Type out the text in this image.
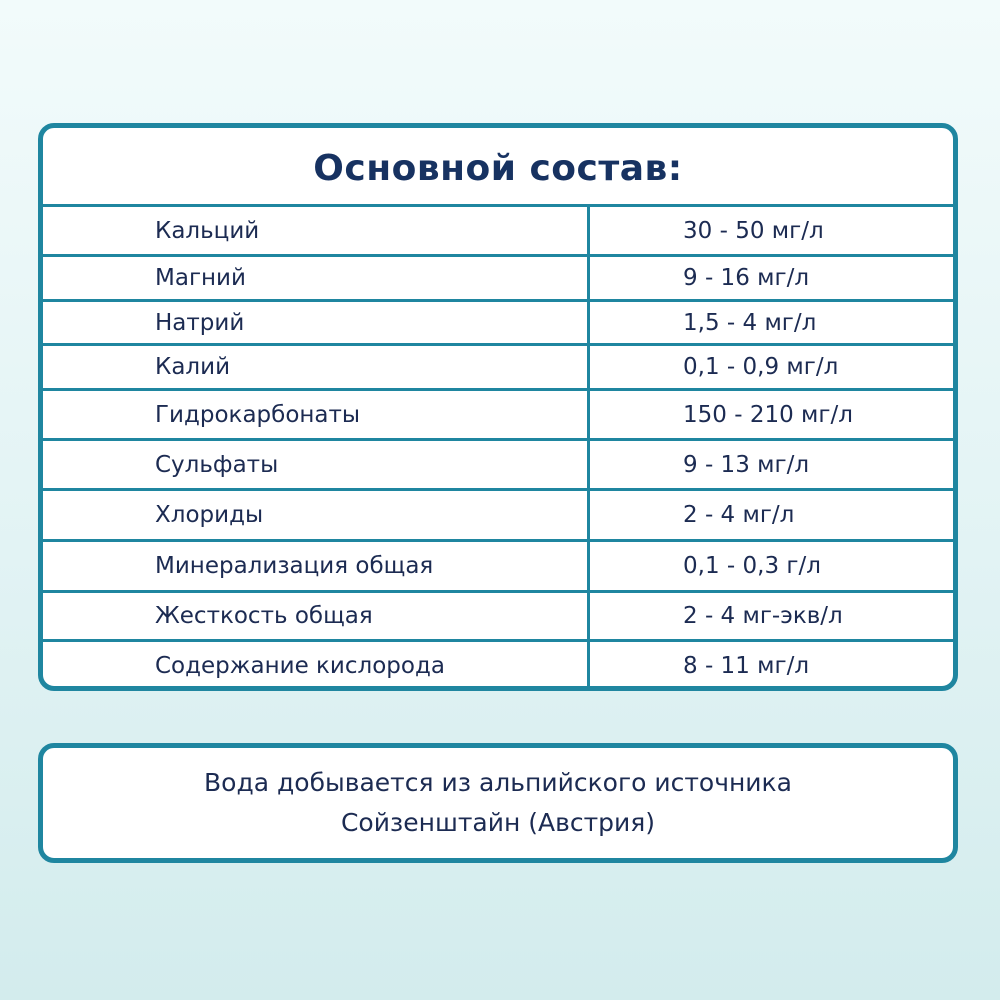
Основной состав:
Кальций	30 - 50 мг/л
Магний	9 - 16 мг/л
Натрий	1,5 - 4 мг/л
Калий	0,1 - 0,9 мг/л
Гидрокарбонаты	150 - 210 мг/л
Сульфаты	9 - 13 мг/л
Хлориды	2 - 4 мг/л
Минерализация общая	0,1 - 0,3 г/л
Жесткость общая	2 - 4 мг-экв/л
Содержание кислорода	8 - 11 мг/л
Вода добывается из альпийского источника
Сойзенштайн (Австрия)
